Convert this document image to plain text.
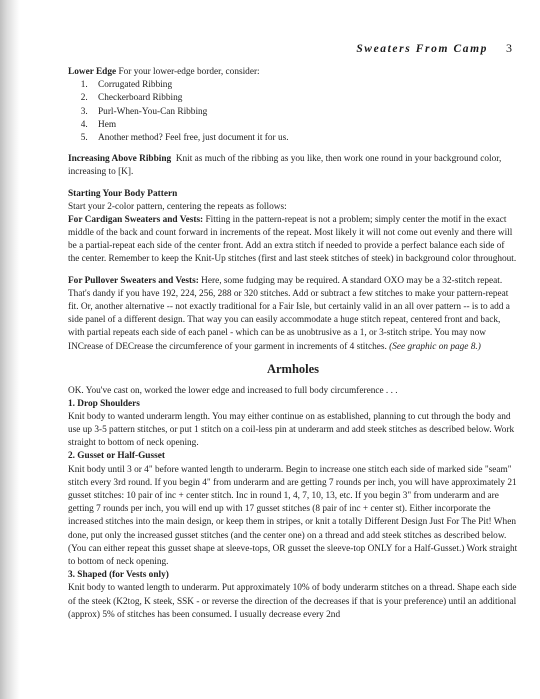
Sweaters From Camp 3

Lower Edge For your lower-edge border, consider:

1. Corrugated Ribbing
2. Checkerboard Ribbing
3. Purl-When-You-Can Ribbing
4. Hem
5. Another method? Feel free, just document it for us.

Increasing Above Ribbing Knit as much of the ribbing as you like, then work one round in your background color, increasing to [K].

Starting Your Body Pattern

Start your 2-color pattern, centering the repeats as follows:

For Cardigan Sweaters and Vests: Fitting in the pattern-repeat is not a problem; simply center the motif in the exact middle of the back and count forward in increments of the repeat. Most likely it will not come out evenly and there will be a partial-repeat each side of the center front. Add an extra stitch if needed to provide a perfect balance each side of the center. Remember to keep the Knit-Up stitches (first and last steek stitches of steek) in background color throughout.

For Pullover Sweaters and Vests: Here, some fudging may be required. A standard OXO may be a 32-stitch repeat. That's dandy if you have 192, 224, 256, 288 or 320 stitches. Add or subtract a few stitches to make your pattern-repeat fit. Or, another alternative -- not exactly traditional for a Fair Isle, but certainly valid in an all over pattern -- is to add a side panel of a different design. That way you can easily accommodate a huge stitch repeat, centered front and back, with partial repeats each side of each panel - which can be as unobtrusive as a 1, or 3-stitch stripe. You may now INCrease of DECrease the circumference of your garment in increments of 4 stitches. (See graphic on page 8.)

Armholes

OK. You've cast on, worked the lower edge and increased to full body circumference . . .

1. Drop Shoulders

Knit body to wanted underarm length. You may either continue on as established, planning to cut through the body and use up 3-5 pattern stitches, or put 1 stitch on a coil-less pin at underarm and add steek stitches as described below. Work straight to bottom of neck opening.

2. Gusset or Half-Gusset

Knit body until 3 or 4" before wanted length to underarm. Begin to increase one stitch each side of marked side "seam" stitch every 3rd round. If you begin 4" from underarm and are getting 7 rounds per inch, you will have approximately 21 gusset stitches: 10 pair of inc + center stitch. Inc in round 1, 4, 7, 10, 13, etc. If you begin 3" from underarm and are getting 7 rounds per inch, you will end up with 17 gusset stitches (8 pair of inc + center st). Either incorporate the increased stitches into the main design, or keep them in stripes, or knit a totally Different Design Just For The Pit! When done, put only the increased gusset stitches (and the center one) on a thread and add steek stitches as described below. (You can either repeat this gusset shape at sleeve-tops, OR gusset the sleeve-top ONLY for a Half-Gusset.) Work straight to bottom of neck opening.

3. Shaped (for Vests only)

Knit body to wanted length to underarm. Put approximately 10% of body underarm stitches on a thread. Shape each side of the steek (K2tog, K steek, SSK - or reverse the direction of the decreases if that is your preference) until an additional (approx) 5% of stitches has been consumed. I usually decrease every 2nd
